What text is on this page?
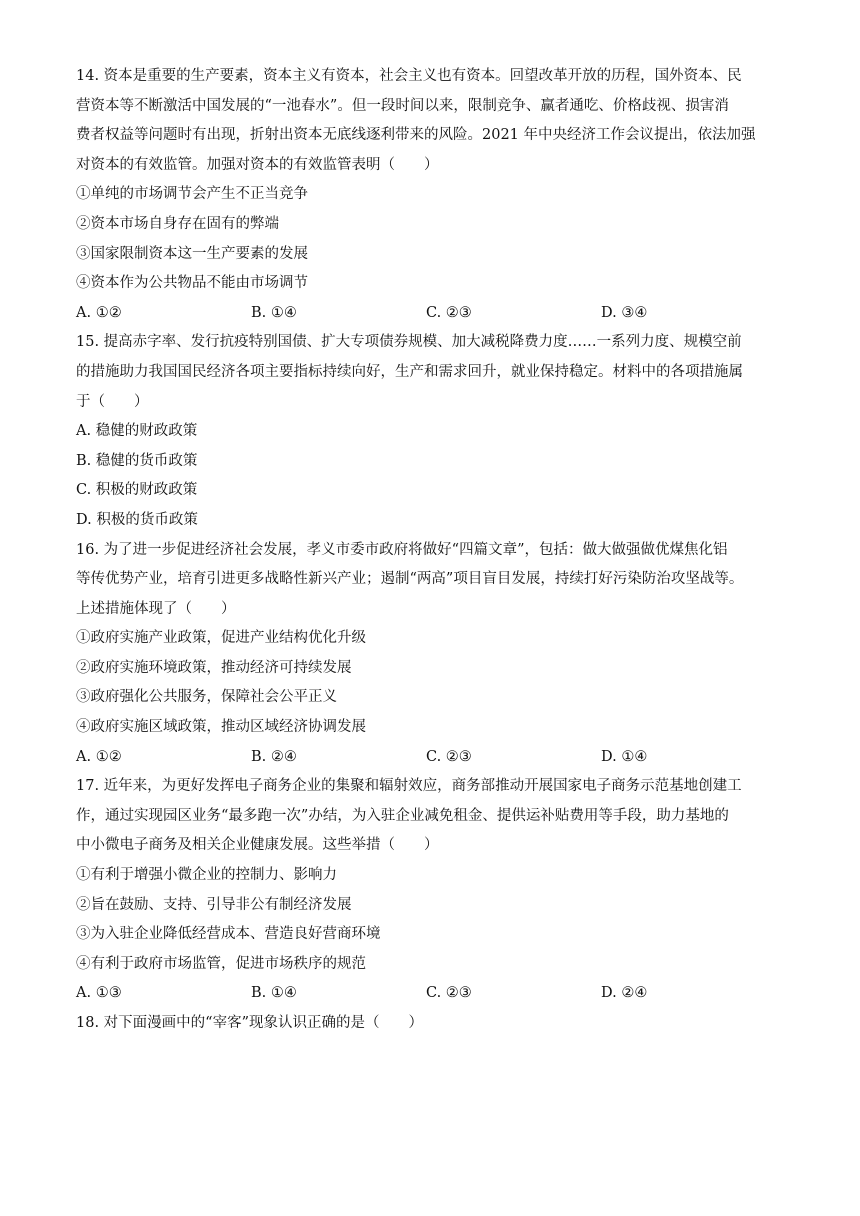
14. 资本是重要的生产要素，资本主义有资本，社会主义也有资本。回望改革开放的历程，国外资本、民
营资本等不断激活中国发展的“一池春水”。但一段时间以来，限制竞争、赢者通吃、价格歧视、损害消
费者权益等问题时有出现，折射出资本无底线逐利带来的风险。2021 年中央经济工作会议提出，依法加强
对资本的有效监管。加强对资本的有效监管表明（　　）
①单纯的市场调节会产生不正当竞争
②资本市场自身存在固有的弊端
③国家限制资本这一生产要素的发展
④资本作为公共物品不能由市场调节
A. ①②	B. ①④	C. ②③	D. ③④
15. 提高赤字率、发行抗疫特别国债、扩大专项债券规模、加大减税降费力度……一系列力度、规模空前
的措施助力我国国民经济各项主要指标持续向好，生产和需求回升，就业保持稳定。材料中的各项措施属
于（　　）
A. 稳健的财政政策
B. 稳健的货币政策
C. 积极的财政政策
D. 积极的货币政策
16. 为了进一步促进经济社会发展，孝义市委市政府将做好“四篇文章”，包括：做大做强做优煤焦化铝
等传优势产业，培育引进更多战略性新兴产业；遏制“两高”项目盲目发展，持续打好污染防治攻坚战等。
上述措施体现了（　　）
①政府实施产业政策，促进产业结构优化升级
②政府实施环境政策，推动经济可持续发展
③政府强化公共服务，保障社会公平正义
④政府实施区域政策，推动区域经济协调发展
A. ①②	B. ②④	C. ②③	D. ①④
17. 近年来，为更好发挥电子商务企业的集聚和辐射效应，商务部推动开展国家电子商务示范基地创建工
作，通过实现园区业务“最多跑一次”办结，为入驻企业减免租金、提供运补贴费用等手段，助力基地的
中小微电子商务及相关企业健康发展。这些举措（　　）
①有利于增强小微企业的控制力、影响力
②旨在鼓励、支持、引导非公有制经济发展
③为入驻企业降低经营成本、营造良好营商环境
④有利于政府市场监管，促进市场秩序的规范
A. ①③	B. ①④	C. ②③	D. ②④
18. 对下面漫画中的“宰客”现象认识正确的是（　　）
